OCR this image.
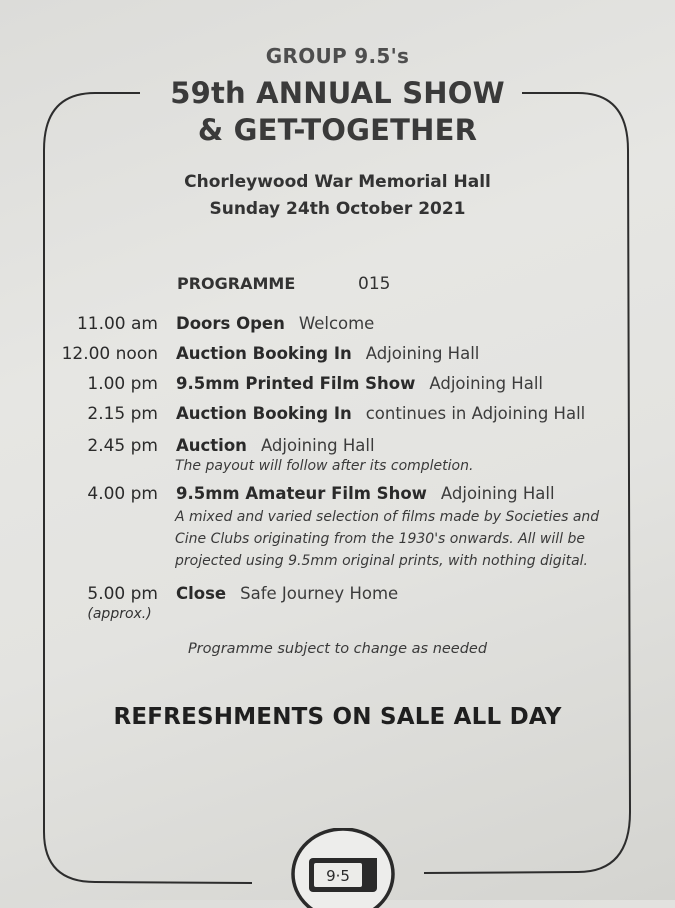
GROUP 9.5's
59th ANNUAL SHOW
& GET-TOGETHER
Chorleywood War Memorial Hall
Sunday 24th October 2021
PROGRAMME	015
11.00 am Doors Open Welcome
12.00 noon Auction Booking In Adjoining Hall
1.00 pm 9.5mm Printed Film Show Adjoining Hall
2.15 pm Auction Booking In continues in Adjoining Hall
2.45 pm Auction Adjoining Hall
The payout will follow after its completion.
4.00 pm 9.5mm Amateur Film Show Adjoining Hall
A mixed and varied selection of films made by Societies and
Cine Clubs originating from the 1930's onwards. All will be
projected using 9.5mm original prints, with nothing digital.
5.00 pm
(approx.)
Close Safe Journey Home
Programme subject to change as needed
REFRESHMENTS ON SALE ALL DAY
9·5
